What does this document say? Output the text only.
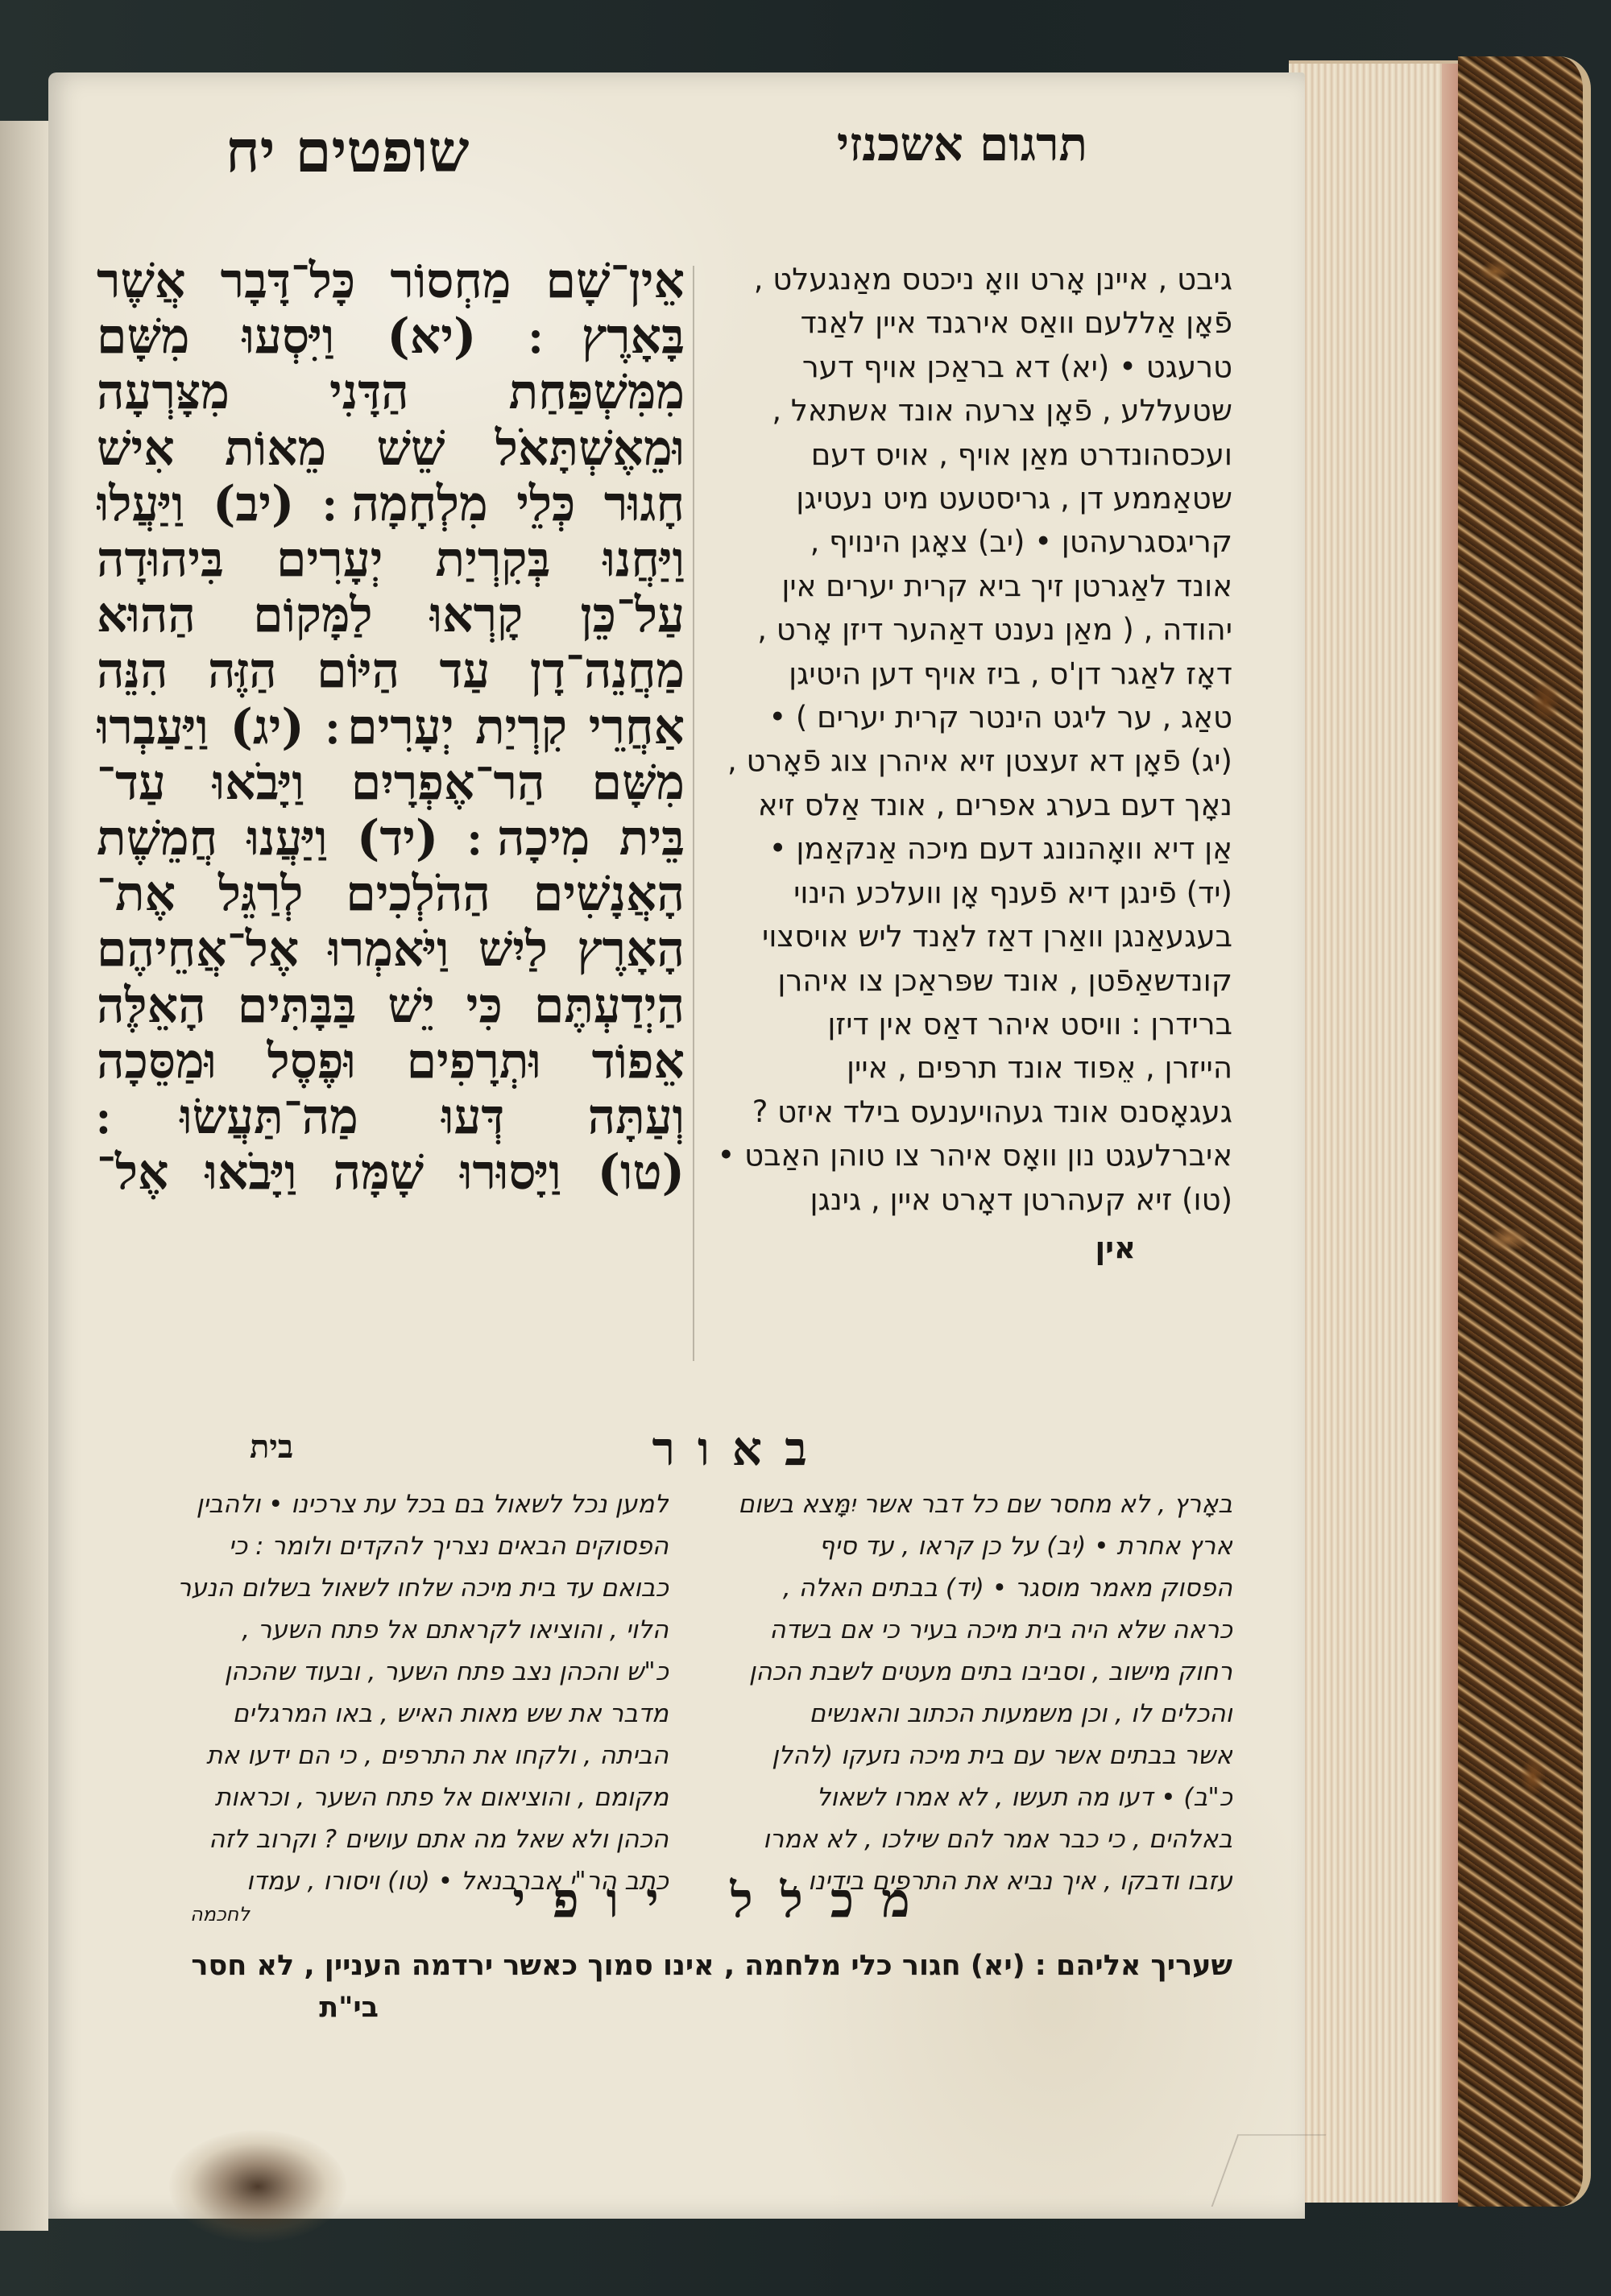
תרגום אשכנזי
שופטים יח
גיבט , איינן אָרט וואָ ניכטס מאַנגעלט ,
פֿאָן אַללעם וואַס אירגנד איין לאַנד
טרעגט • (יא) דא בראַכן אויף דער
שטעללע , פֿאָן צרעה אונד אשתאל ,
ועכסהונדרט מאַן אויף , אויס דעם
שטאַממע דן , גריסטעט מיט נעטיגן
קריגסגרעהטן • (יב) צאָגן הינויף ,
אונד לאַגרטן זיך ביא קרית יערים אין
יהודה , ( מאַן נענט דאַהער דיזן אָרט ,
דאָז לאַגר דן'ס , ביז אויף דען היטיגן
טאַג , ער ליגט הינטר קרית יערים ) •
(יג) פֿאָן דא זעצטן זיא איהרן צוג פֿאָרט ,
נאָך דעם בערג אפרים , אונד אַלס זיא
אַן דיא וואָהנונג דעם מיכה אַנקאַמן •
(יד) פֿינגן דיא פֿענף אָן וועלכע הינוי
בעגעאַנגן וואַרן דאַז לאַנד ליש אויסצוי
קונדשאַפֿטן , אונד שפּראַכן צו איהרן
ברידרן : וויסט איהר דאַס אין דיזן
הייזרן , אֵפוד אונד תרפים , איין
געגאָסנס אונד געהויענעס בילד איזט ?
איברלעגט נון וואָס איהר צו טוהן האַבט •
(טו) זיא קעהרטן דאָרט איין , גינגן
אין
אֵין־שָׁם מַחְסוֹר כָּל־דָּבָר אֲשֶׁר
בָּאָרֶץ ׃ (יא) וַיִּסְעוּ מִשָּׁם
מִמִּשְׁפַּחַת הַדָּנִי מִצָּרְעָה
וּמֵאֶשְׁתָּאֹל שֵׁשׁ מֵאוֹת אִישׁ
חָגוּר כְּלֵי מִלְחָמָה ׃ (יב) וַיַּעֲלוּ
וַיַּחֲנוּ בְּקִרְיַת יְעָרִים בִּיהוּדָה
עַל־כֵּן קָרְאוּ לַמָּקוֹם הַהוּא
מַחֲנֵה־דָן עַד הַיּוֹם הַזֶּה הִנֵּה
אַחֲרֵי קִרְיַת יְעָרִים ׃ (יג) וַיַּעַבְרוּ
מִשָּׁם הַר־אֶפְרָיִם וַיָּבֹאוּ עַד־
בֵּית מִיכָה ׃ (יד) וַיַּעֲנוּ חֲמֵשֶׁת
הָאֲנָשִׁים הַהֹלְכִים לְרַגֵּל אֶת־
הָאָרֶץ לַיִשׁ וַיֹּאמְרוּ אֶל־אֲחֵיהֶם
הַיְדַעְתֶּם כִּי יֵשׁ בַּבָּתִּים הָאֵלֶּה
אֵפוֹד וּתְרָפִים וּפֶסֶל וּמַסֵּכָה
וְעַתָּה דְּעוּ מַה־תַּעֲשׂוּ ׃
(טו) וַיָּסוּרוּ שָׁמָּה וַיָּבֹאוּ אֶל־
באור
בית
באָרץ , לא מחסר שם כל דבר אשר יִמָּצא בשום
ארץ אחרת • (יב) על כן קראו , עד סיף
הפסוק מאמר מוסגר • (יד) בבתים האלה ,
כראה שלא היה בית מיכה בעיר כי אם בשדה
רחוק מישוב , וסביבו בתים מעטים לשבת הכהן
והכלים לו , וכן משמעות הכתוב והאנשים
אשר בבתים אשר עם בית מיכה נזעקו (להלן
כ"ב) • דעו מה תעשו , לא אמרו לשאול
באלהים , כי כבר אמר להם שילכו , לא אמרו
עזבו ודבקו , איך נביא את התרפים בידינו ,
למען נכל לשאול בם בכל עת צרכינו • ולהבין
הפסוקים הבאים נצריך להקדים ולומר : כי
כבואם עד בית מיכה שלחו לשאול בשלום הנער
הלוי , והוציאו לקראתם אל פתח השער ,
כ"ש והכהן נצב פתח השער , ובעוד שהכהן
מדבר את שש מאות האיש , באו המרגלים
הביתה , ולקחו את התרפים , כי הם ידעו את
מקומם , והוציאום אל פתח השער , וכראות
הכהן ולא שאל מה אתם עושים ? וקרוב לזה
כתב הר"י אברבנאל • (טו) ויסורו , עמדו
לחכמה	מכלל יופי
שעריך אליהם : (יא) חגור כלי מלחמה , אינו סמוך כאשר ירדמה העניין , לא חסר
בי"ת
